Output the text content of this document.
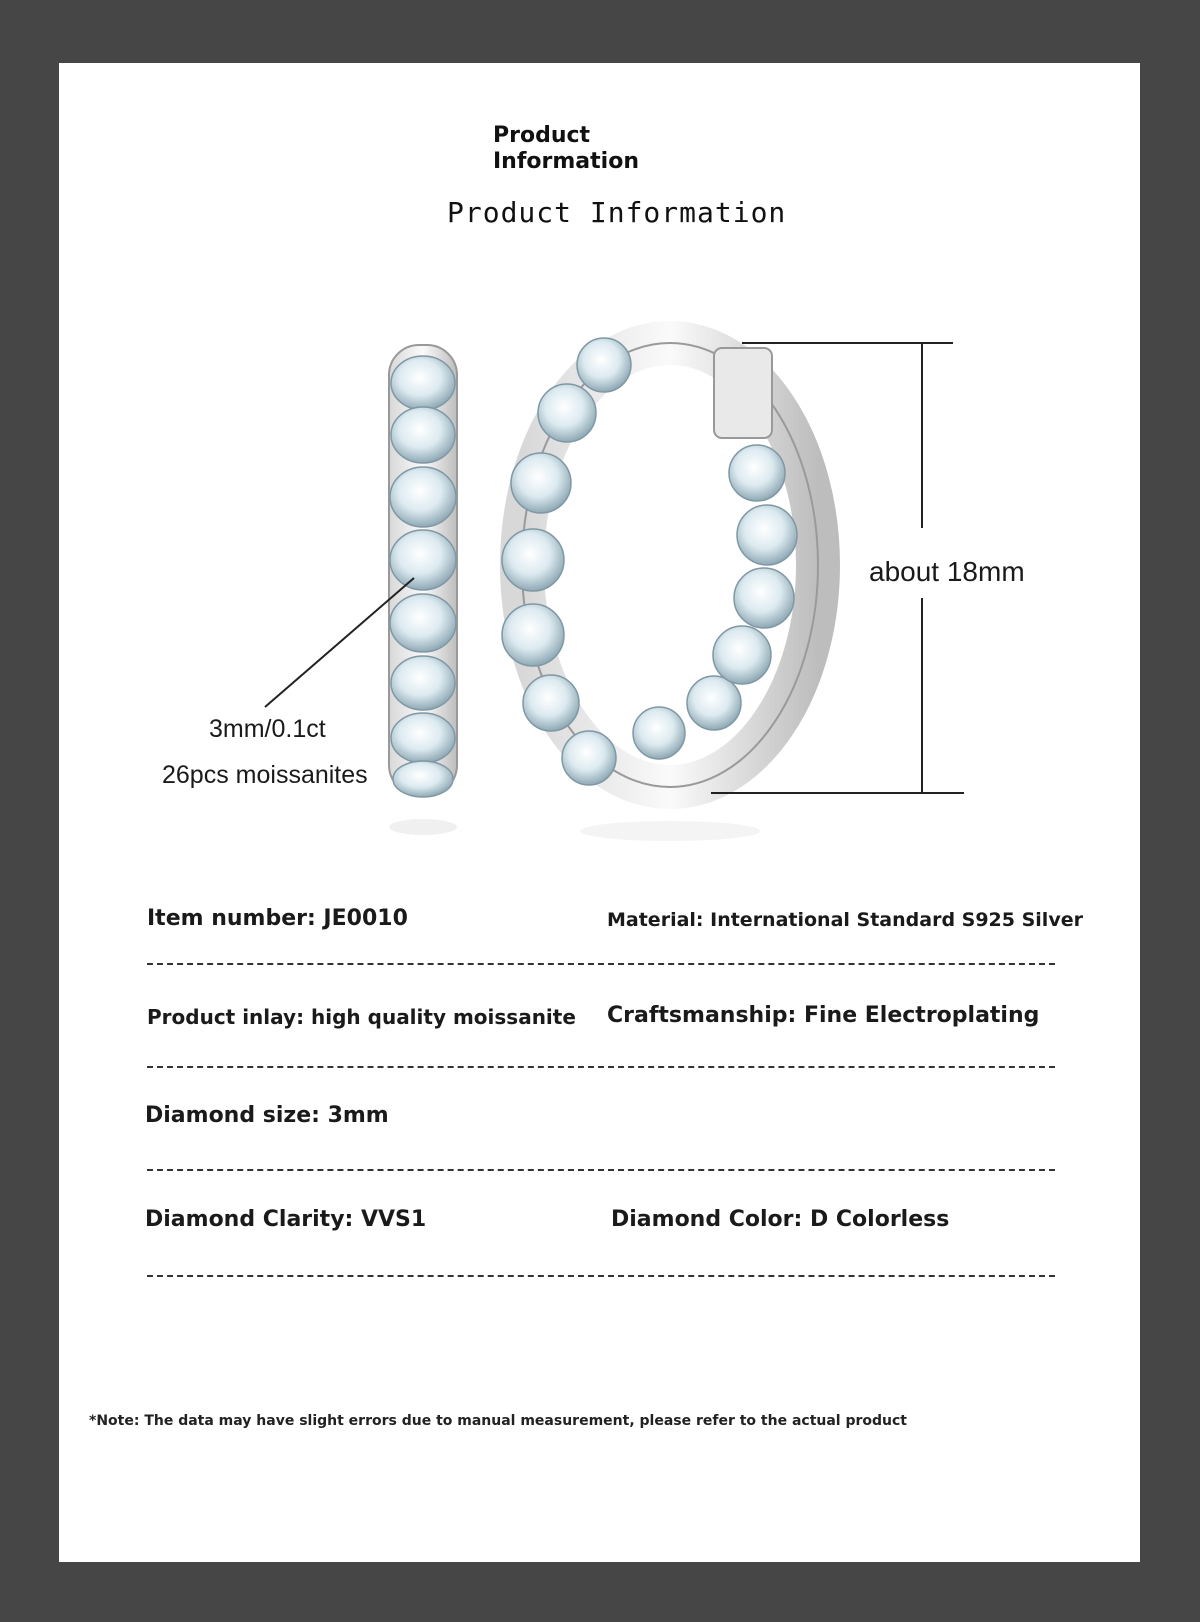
Product
Information
Product Information
about 18mm
3mm/0.1ct
26pcs moissanites
Item number: JE0010	Material: International Standard S925 Silver
Product inlay: high quality moissanite Craftsmanship: Fine Electroplating
Diamond size: 3mm
Diamond Clarity: VVS1	Diamond Color: D Colorless
*Note: The data may have slight errors due to manual measurement, please refer to the actual product
